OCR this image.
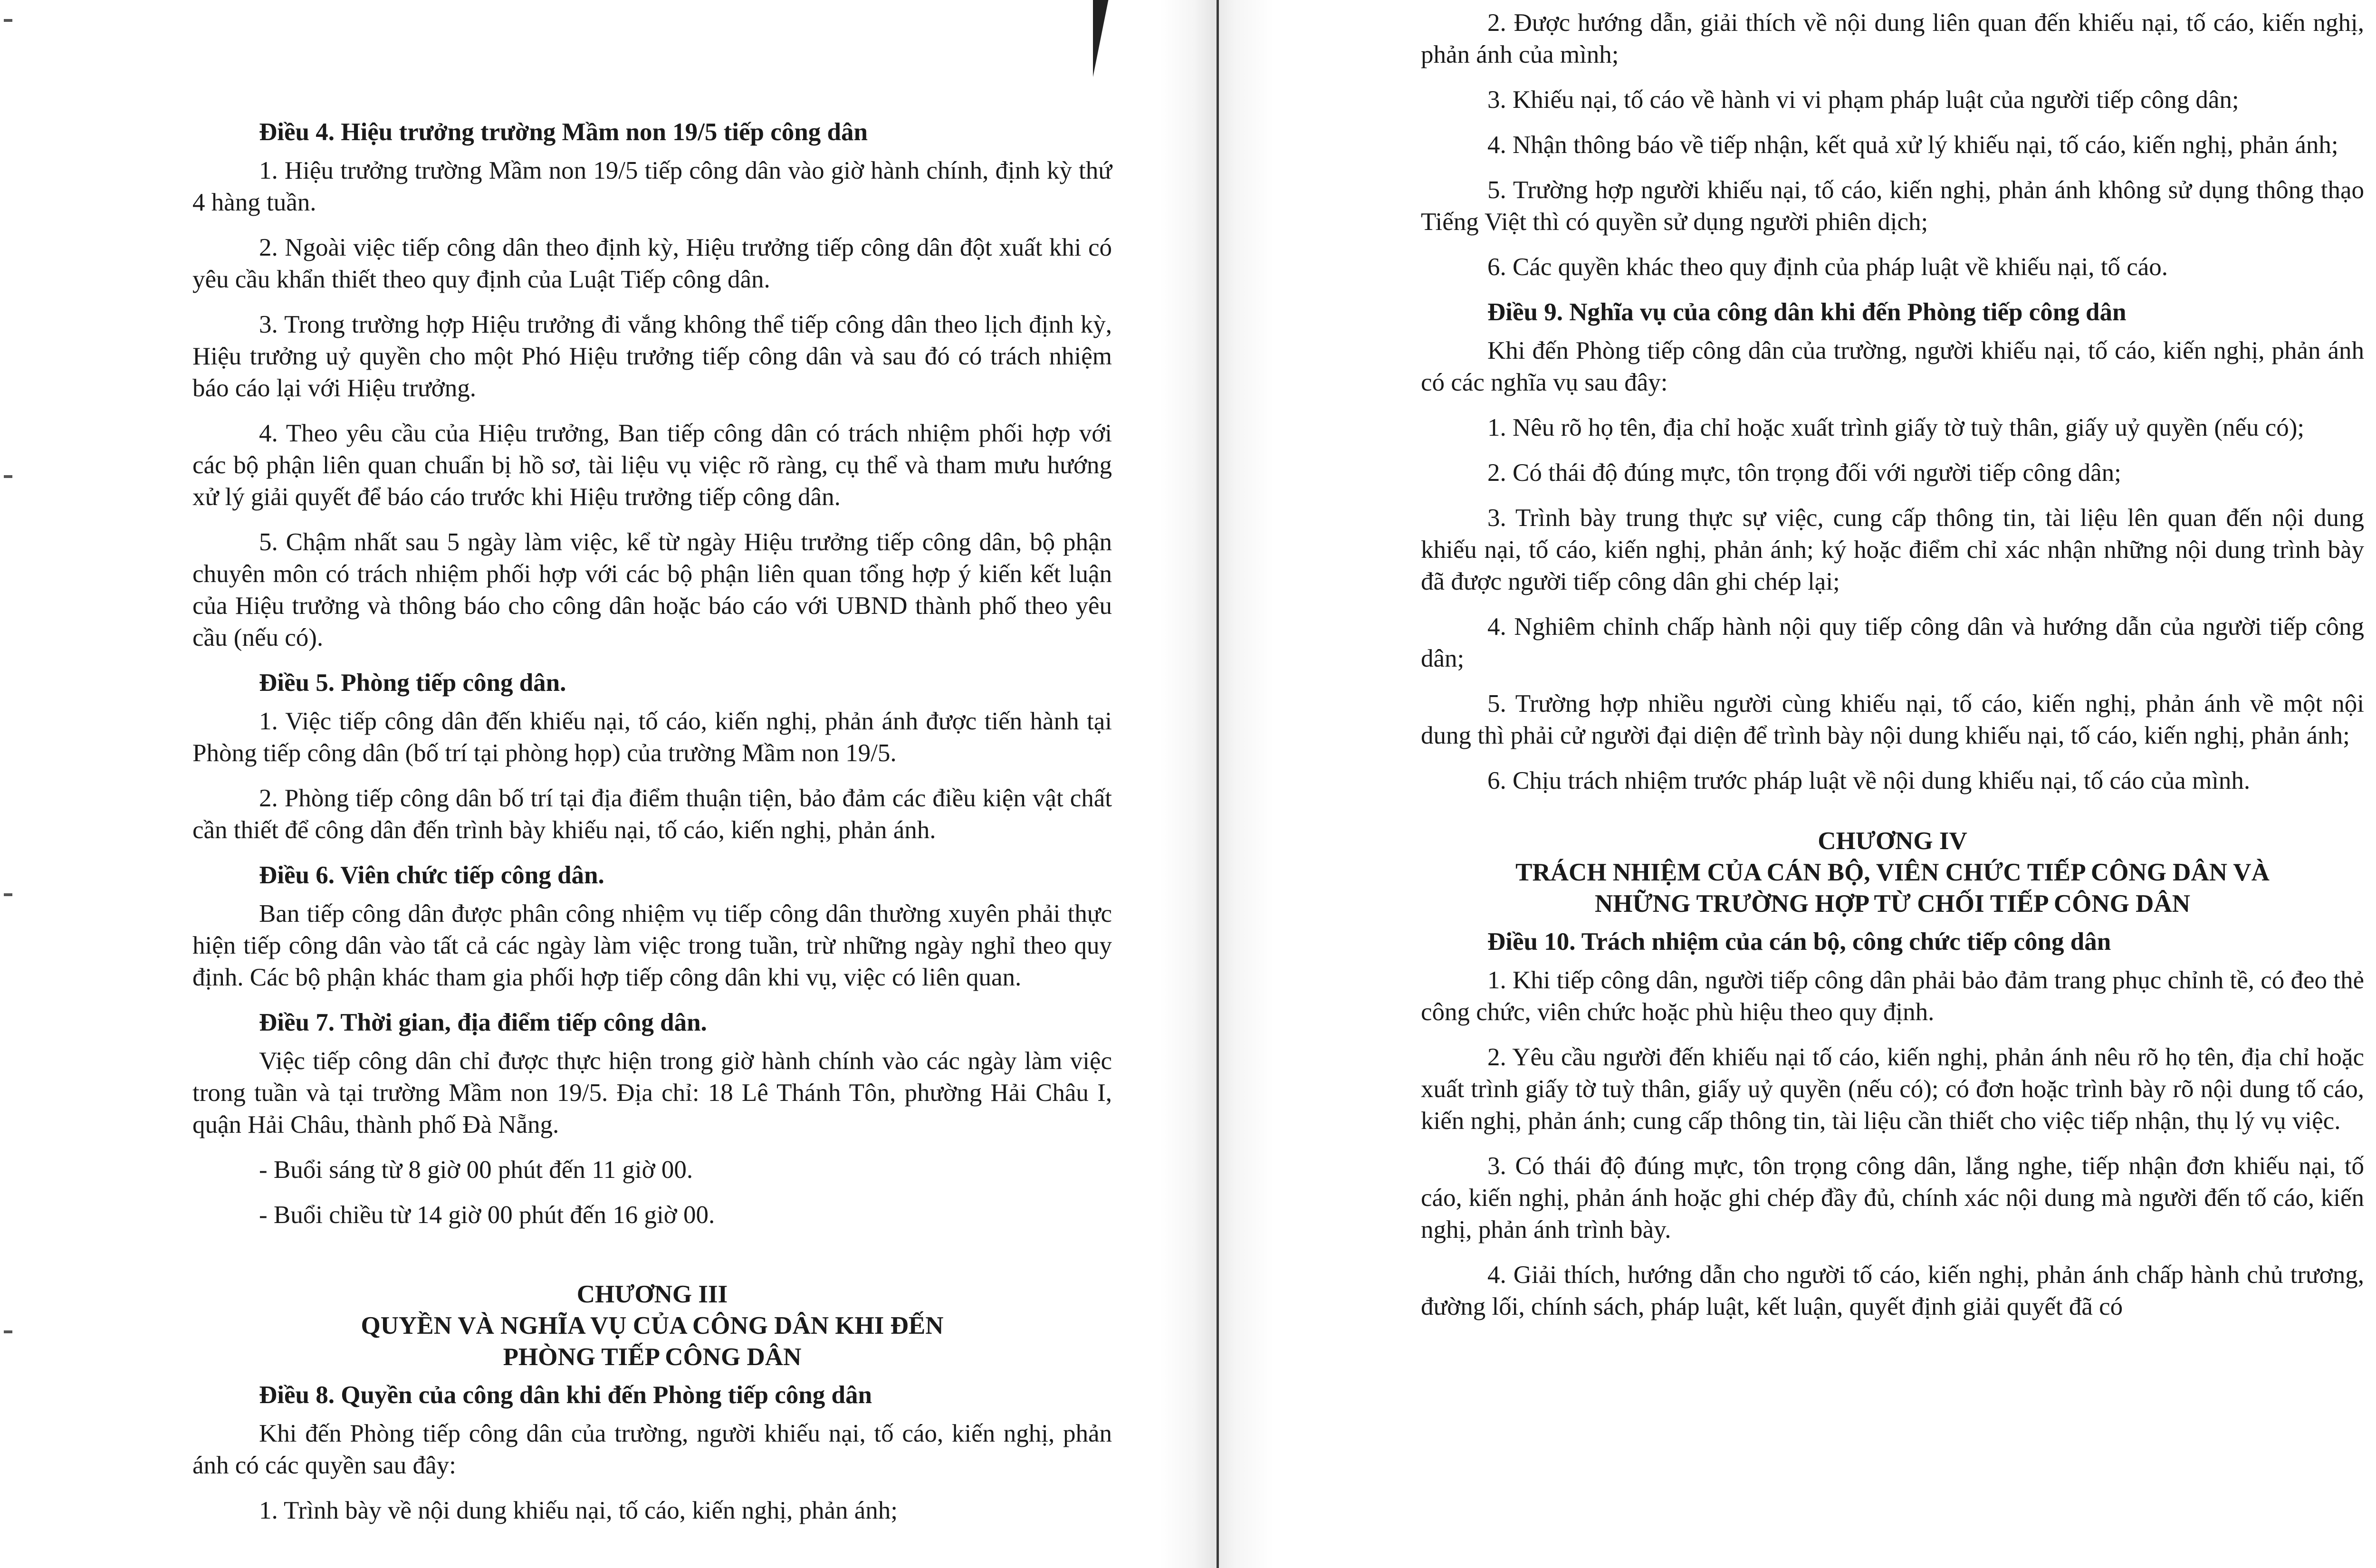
Điều 4. Hiệu trưởng trường Mầm non 19/5 tiếp công dân
1. Hiệu trưởng trường Mầm non 19/5 tiếp công dân vào giờ hành chính, định kỳ thứ 4 hàng tuần.
2. Ngoài việc tiếp công dân theo định kỳ, Hiệu trưởng tiếp công dân đột xuất khi có yêu cầu khẩn thiết theo quy định của Luật Tiếp công dân.
3. Trong trường hợp Hiệu trưởng đi vắng không thể tiếp công dân theo lịch định kỳ, Hiệu trưởng uỷ quyền cho một Phó Hiệu trưởng tiếp công dân và sau đó có trách nhiệm báo cáo lại với Hiệu trưởng.
4. Theo yêu cầu của Hiệu trưởng, Ban tiếp công dân có trách nhiệm phối hợp với các bộ phận liên quan chuẩn bị hồ sơ, tài liệu vụ việc rõ ràng, cụ thể và tham mưu hướng xử lý giải quyết để báo cáo trước khi Hiệu trưởng tiếp công dân.
5. Chậm nhất sau 5 ngày làm việc, kể từ ngày Hiệu trưởng tiếp công dân, bộ phận chuyên môn có trách nhiệm phối hợp với các bộ phận liên quan tổng hợp ý kiến kết luận của Hiệu trưởng và thông báo cho công dân hoặc báo cáo với UBND thành phố theo yêu cầu (nếu có).
Điều 5. Phòng tiếp công dân.
1. Việc tiếp công dân đến khiếu nại, tố cáo, kiến nghị, phản ánh được tiến hành tại Phòng tiếp công dân (bố trí tại phòng họp) của trường Mầm non 19/5.
2. Phòng tiếp công dân bố trí tại địa điểm thuận tiện, bảo đảm các điều kiện vật chất cần thiết để công dân đến trình bày khiếu nại, tố cáo, kiến nghị, phản ánh.
Điều 6. Viên chức tiếp công dân.
Ban tiếp công dân được phân công nhiệm vụ tiếp công dân thường xuyên phải thực hiện tiếp công dân vào tất cả các ngày làm việc trong tuần, trừ những ngày nghỉ theo quy định. Các bộ phận khác tham gia phối hợp tiếp công dân khi vụ, việc có liên quan.
Điều 7. Thời gian, địa điểm tiếp công dân.
Việc tiếp công dân chỉ được thực hiện trong giờ hành chính vào các ngày làm việc trong tuần và tại trường Mầm non 19/5. Địa chỉ: 18 Lê Thánh Tôn, phường Hải Châu I, quận Hải Châu, thành phố Đà Nẵng.
- Buổi sáng từ 8 giờ 00 phút đến 11 giờ 00.
- Buổi chiều từ 14 giờ 00 phút đến 16 giờ 00.
CHƯƠNG III
QUYỀN VÀ NGHĨA VỤ CỦA CÔNG DÂN KHI ĐẾN
PHÒNG TIẾP CÔNG DÂN
Điều 8. Quyền của công dân khi đến Phòng tiếp công dân
Khi đến Phòng tiếp công dân của trường, người khiếu nại, tố cáo, kiến nghị, phản ánh có các quyền sau đây:
1. Trình bày về nội dung khiếu nại, tố cáo, kiến nghị, phản ánh;
2. Được hướng dẫn, giải thích về nội dung liên quan đến khiếu nại, tố cáo, kiến nghị, phản ánh của mình;
3. Khiếu nại, tố cáo về hành vi vi phạm pháp luật của người tiếp công dân;
4. Nhận thông báo về tiếp nhận, kết quả xử lý khiếu nại, tố cáo, kiến nghị, phản ánh;
5. Trường hợp người khiếu nại, tố cáo, kiến nghị, phản ánh không sử dụng thông thạo Tiếng Việt thì có quyền sử dụng người phiên dịch;
6. Các quyền khác theo quy định của pháp luật về khiếu nại, tố cáo.
Điều 9. Nghĩa vụ của công dân khi đến Phòng tiếp công dân
Khi đến Phòng tiếp công dân của trường, người khiếu nại, tố cáo, kiến nghị, phản ánh có các nghĩa vụ sau đây:
1. Nêu rõ họ tên, địa chỉ hoặc xuất trình giấy tờ tuỳ thân, giấy uỷ quyền (nếu có);
2. Có thái độ đúng mực, tôn trọng đối với người tiếp công dân;
3. Trình bày trung thực sự việc, cung cấp thông tin, tài liệu lên quan đến nội dung khiếu nại, tố cáo, kiến nghị, phản ánh; ký hoặc điểm chỉ xác nhận những nội dung trình bày đã được người tiếp công dân ghi chép lại;
4. Nghiêm chỉnh chấp hành nội quy tiếp công dân và hướng dẫn của người tiếp công dân;
5. Trường hợp nhiều người cùng khiếu nại, tố cáo, kiến nghị, phản ánh về một nội dung thì phải cử người đại diện để trình bày nội dung khiếu nại, tố cáo, kiến nghị, phản ánh;
6. Chịu trách nhiệm trước pháp luật về nội dung khiếu nại, tố cáo của mình.
CHƯƠNG IV
TRÁCH NHIỆM CỦA CÁN BỘ, VIÊN CHỨC TIẾP CÔNG DÂN VÀ
NHỮNG TRƯỜNG HỢP TỪ CHỐI TIẾP CÔNG DÂN
Điều 10. Trách nhiệm của cán bộ, công chức tiếp công dân
1. Khi tiếp công dân, người tiếp công dân phải bảo đảm trang phục chỉnh tề, có đeo thẻ công chức, viên chức hoặc phù hiệu theo quy định.
2. Yêu cầu người đến khiếu nại tố cáo, kiến nghị, phản ánh nêu rõ họ tên, địa chỉ hoặc xuất trình giấy tờ tuỳ thân, giấy uỷ quyền (nếu có); có đơn hoặc trình bày rõ nội dung tố cáo, kiến nghị, phản ánh; cung cấp thông tin, tài liệu cần thiết cho việc tiếp nhận, thụ lý vụ việc.
3. Có thái độ đúng mực, tôn trọng công dân, lắng nghe, tiếp nhận đơn khiếu nại, tố cáo, kiến nghị, phản ánh hoặc ghi chép đầy đủ, chính xác nội dung mà người đến tố cáo, kiến nghị, phản ánh trình bày.
4. Giải thích, hướng dẫn cho người tố cáo, kiến nghị, phản ánh chấp hành chủ trương, đường lối, chính sách, pháp luật, kết luận, quyết định giải quyết đã có
